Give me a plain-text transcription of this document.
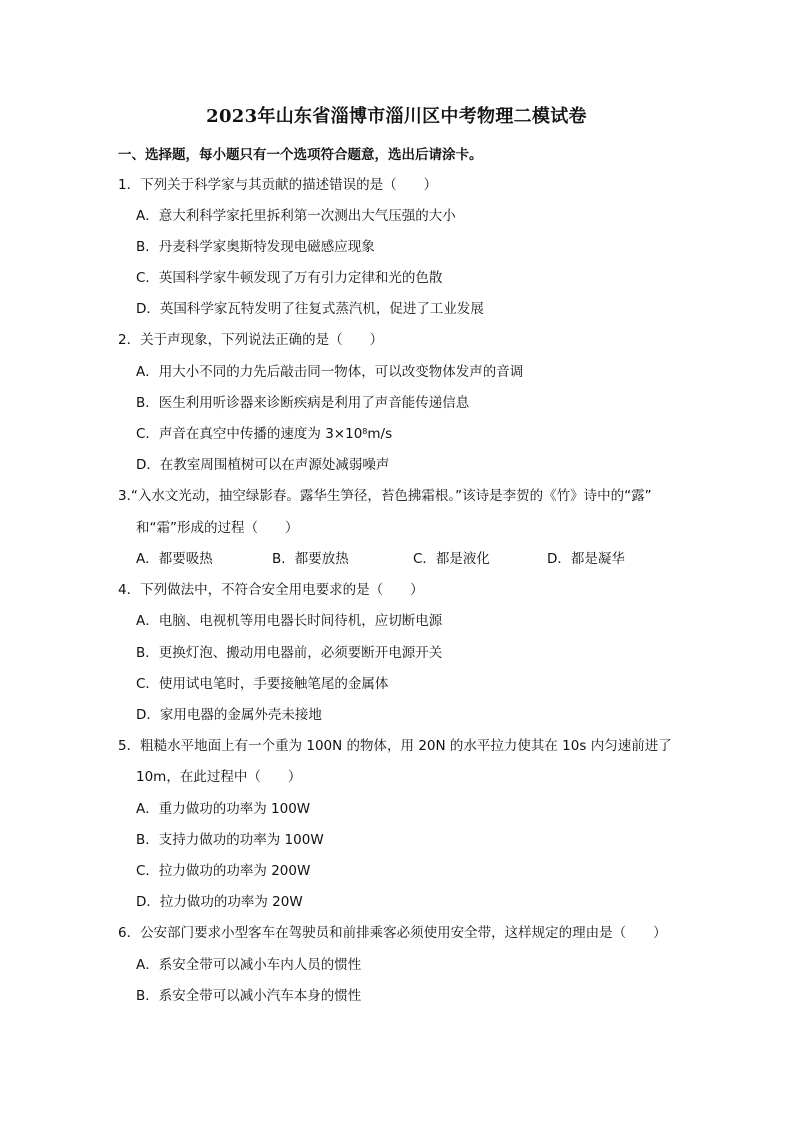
2023年山东省淄博市淄川区中考物理二模试卷
一、选择题，每小题只有一个选项符合题意，选出后请涂卡。
1．下列关于科学家与其贡献的描述错误的是（　　）
A．意大利科学家托里拆利第一次测出大气压强的大小
B．丹麦科学家奥斯特发现电磁感应现象
C．英国科学家牛顿发现了万有引力定律和光的色散
D．英国科学家瓦特发明了往复式蒸汽机，促进了工业发展
2．关于声现象，下列说法正确的是（　　）
A．用大小不同的力先后敲击同一物体，可以改变物体发声的音调
B．医生利用听诊器来诊断疾病是利用了声音能传递信息
C．声音在真空中传播的速度为 $3\times 10^8m/s$
D．在教室周围植树可以在声源处减弱噪声
3.“入水文光动，抽空绿影春。露华生笋径，苔色拂霜根。”该诗是李贺的《竹》诗中的“露”
和“霜”形成的过程（　　）
A．都要吸热	B．都要放热	C．都是液化	D．都是凝华
4．下列做法中，不符合安全用电要求的是（　　）
A．电脑、电视机等用电器长时间待机，应切断电源
B．更换灯泡、搬动用电器前，必须要断开电源开关
C．使用试电笔时，手要接触笔尾的金属体
D．家用电器的金属外壳未接地
5．粗糙水平地面上有一个重为 100N 的物体，用 20N 的水平拉力使其在 10s 内匀速前进了
10m，在此过程中（　　）
A．重力做功的功率为 100W
B．支持力做功的功率为 100W
C．拉力做功的功率为 200W
D．拉力做功的功率为 20W
6．公安部门要求小型客车在驾驶员和前排乘客必须使用安全带，这样规定的理由是（　　）
A．系安全带可以减小车内人员的惯性
B．系安全带可以减小汽车本身的惯性
